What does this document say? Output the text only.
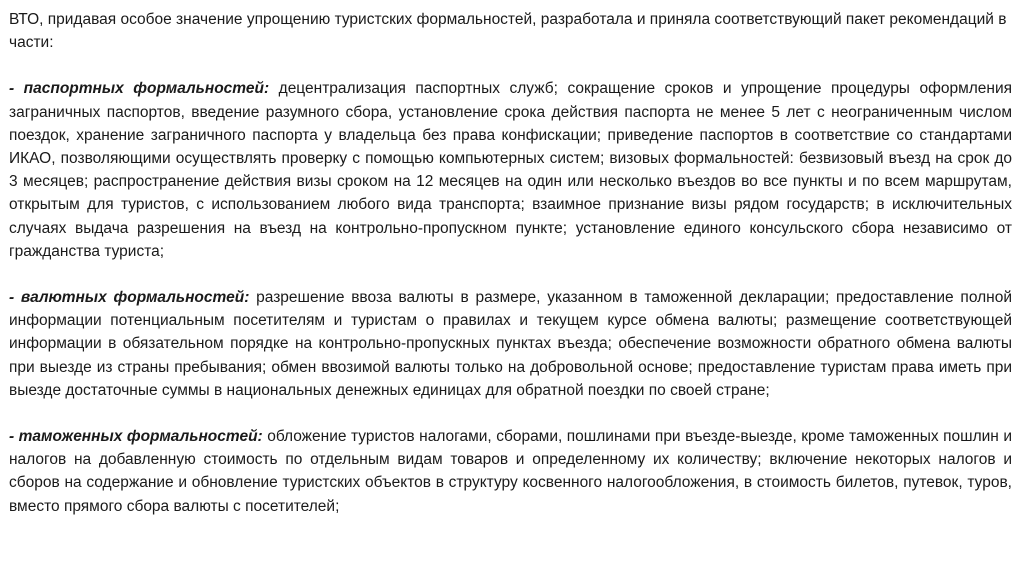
ВТО, придавая особое значение упрощению туристских формальностей, разработала и приняла соответствующий пакет рекомендаций в части:

- паспортных формальностей: децентрализация паспортных служб; сокращение сроков и упрощение процедуры оформления заграничных паспортов, введение разумного сбора, установление срока действия паспорта не менее 5 лет с неограниченным числом поездок, хранение заграничного паспорта у владельца без права конфискации; приведение паспортов в соответствие со стандартами ИКАО, позволяющими осуществлять проверку с помощью компьютерных систем; визовых формальностей: безвизовый въезд на срок до 3 месяцев; распространение действия визы сроком на 12 месяцев на один или несколько въездов во все пункты и по всем маршрутам, открытым для туристов, с использованием любого вида транспорта; взаимное признание визы рядом государств; в исключительных случаях выдача разрешения на въезд на контрольно-пропускном пункте; установление единого консульского сбора независимо от гражданства туриста;

- валютных формальностей: разрешение ввоза валюты в размере, указанном в таможенной декларации; предоставление полной информации потенциальным посетителям и туристам о правилах и текущем курсе обмена валюты; размещение соответствующей информации в обязательном порядке на контрольно-пропускных пунктах въезда; обеспечение возможности обратного обмена валюты при выезде из страны пребывания; обмен ввозимой валюты только на добровольной основе; предоставление туристам права иметь при выезде достаточные суммы в национальных денежных единицах для обратной поездки по своей стране;

- таможенных формальностей: обложение туристов налогами, сборами, пошлинами при въезде-выезде, кроме таможенных пошлин и налогов на добавленную стоимость по отдельным видам товаров и определенному их количеству; включение некоторых налогов и сборов на содержание и обновление туристских объектов в структуру косвенного налогообложения, в стоимость билетов, путевок, туров, вместо прямого сбора валюты с посетителей;
